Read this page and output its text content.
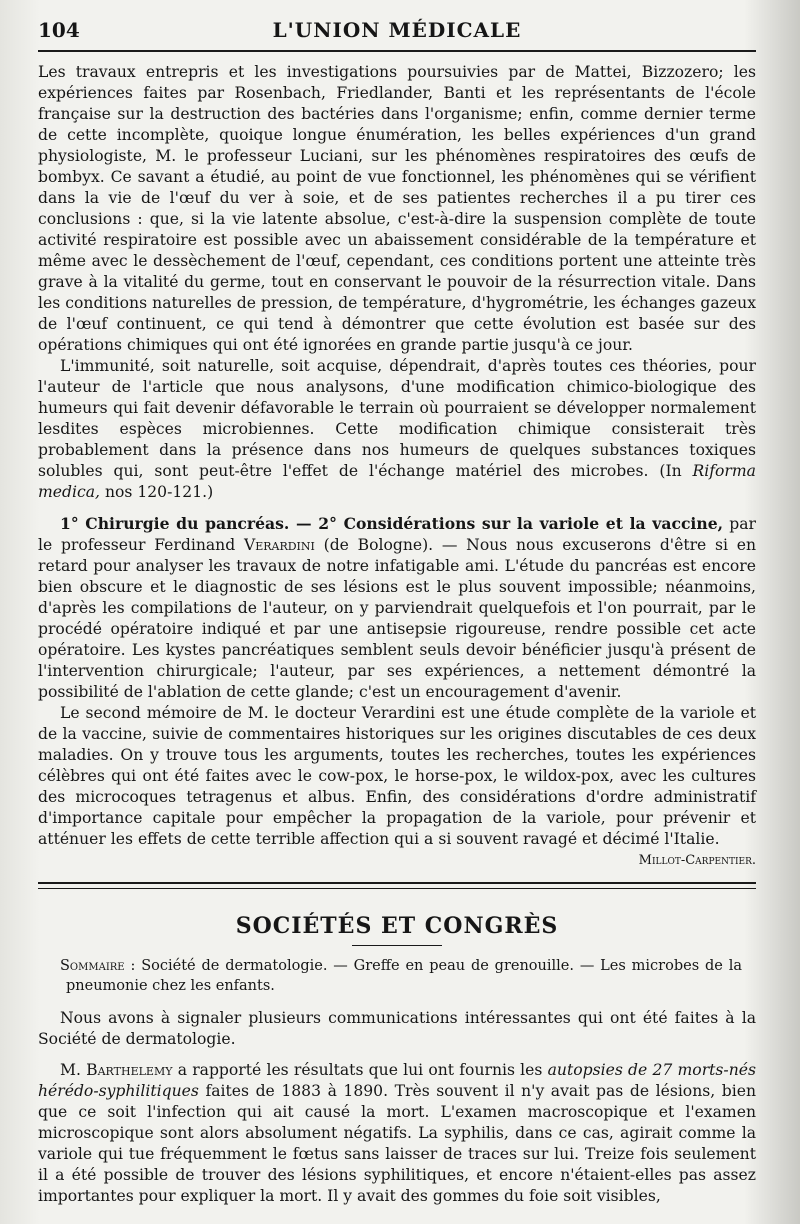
104	L'UNION MÉDICALE

Les travaux entrepris et les investigations poursuivies par de Mattei, Bizzozero; les expériences faites par Rosenbach, Friedlander, Banti et les représentants de l'école française sur la destruction des bactéries dans l'organisme; enfin, comme dernier terme de cette incomplète, quoique longue énumération, les belles expériences d'un grand physiologiste, M. le professeur Luciani, sur les phénomènes respiratoires des œufs de bombyx. Ce savant a étudié, au point de vue fonctionnel, les phénomènes qui se vérifient dans la vie de l'œuf du ver à soie, et de ses patientes recherches il a pu tirer ces conclusions : que, si la vie latente absolue, c'est-à-dire la suspension complète de toute activité respiratoire est possible avec un abaissement considérable de la température et même avec le dessèchement de l'œuf, cependant, ces conditions portent une atteinte très grave à la vitalité du germe, tout en conservant le pouvoir de la résurrection vitale. Dans les conditions naturelles de pression, de température, d'hygrométrie, les échanges gazeux de l'œuf continuent, ce qui tend à démontrer que cette évolution est basée sur des opérations chimiques qui ont été ignorées en grande partie jusqu'à ce jour.

L'immunité, soit naturelle, soit acquise, dépendrait, d'après toutes ces théories, pour l'auteur de l'article que nous analysons, d'une modification chimico-biologique des humeurs qui fait devenir défavorable le terrain où pourraient se développer normalement lesdites espèces microbiennes. Cette modification chimique consisterait très probablement dans la présence dans nos humeurs de quelques substances toxiques solubles qui, sont peut-être l'effet de l'échange matériel des microbes. (In Riforma medica, nos 120-121.)

1° Chirurgie du pancréas. — 2° Considérations sur la variole et la vaccine, par le professeur Ferdinand Verardini (de Bologne). — Nous nous excuserons d'être si en retard pour analyser les travaux de notre infatigable ami. L'étude du pancréas est encore bien obscure et le diagnostic de ses lésions est le plus souvent impossible; néanmoins, d'après les compilations de l'auteur, on y parviendrait quelquefois et l'on pourrait, par le procédé opératoire indiqué et par une antisepsie rigoureuse, rendre possible cet acte opératoire. Les kystes pancréatiques semblent seuls devoir bénéficier jusqu'à présent de l'intervention chirurgicale; l'auteur, par ses expériences, a nettement démontré la possibilité de l'ablation de cette glande; c'est un encouragement d'avenir.

Le second mémoire de M. le docteur Verardini est une étude complète de la variole et de la vaccine, suivie de commentaires historiques sur les origines discutables de ces deux maladies. On y trouve tous les arguments, toutes les recherches, toutes les expériences célèbres qui ont été faites avec le cow-pox, le horse-pox, le wildox-pox, avec les cultures des microcoques tetragenus et albus. Enfin, des considérations d'ordre administratif d'importance capitale pour empêcher la propagation de la variole, pour prévenir et atténuer les effets de cette terrible affection qui a si souvent ravagé et décimé l'Italie.

Millot-Carpentier.
SOCIÉTÉS ET CONGRÈS

Sommaire : Société de dermatologie. — Greffe en peau de grenouille. — Les microbes de la pneumonie chez les enfants.

Nous avons à signaler plusieurs communications intéressantes qui ont été faites à la Société de dermatologie.

M. Barthelemy a rapporté les résultats que lui ont fournis les autopsies de 27 morts-nés hérédo-syphilitiques faites de 1883 à 1890. Très souvent il n'y avait pas de lésions, bien que ce soit l'infection qui ait causé la mort. L'examen macroscopique et l'examen microscopique sont alors absolument négatifs. La syphilis, dans ce cas, agirait comme la variole qui tue fréquemment le fœtus sans laisser de traces sur lui. Treize fois seulement il a été possible de trouver des lésions syphilitiques, et encore n'étaient-elles pas assez importantes pour expliquer la mort. Il y avait des gommes du foie soit visibles,
